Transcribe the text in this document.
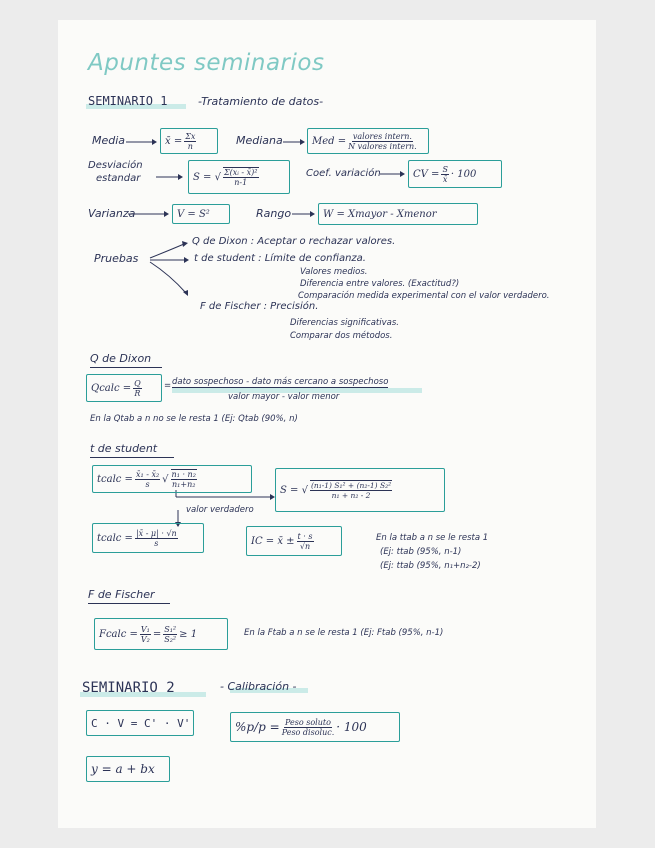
Apuntes seminarios
SEMINARIO 1	-Tratamiento de datos-
Media	x̄ = $\frac{\Sigma x}{n}$	Mediana	Med = $\frac{\text{valores intern.}}{\text{N valores intern.}}$
Desviación
estandar	S = √ $\frac{\text{Σ(xᵢ - x̄)²}}{n-1}$	Coef. variación	CV = $\frac{S}{x̄} \cdot 100$
Varianza	V = S²	Rango	W = Xmayor - Xmenor
Pruebas
Q de Dixon : Aceptar o rechazar valores.
t de student : Límite de confianza.
Valores medios.
Diferencia entre valores. (Exactitud?)
Comparación medida experimental con el valor verdadero.
F de Fischer : Precisión.
Diferencias significativas.
Comparar dos métodos.
Q de Dixon
Qcalc = $\frac{Q}{R}$	= dato sospechoso - dato más cercano a sospechoso
valor mayor - valor menor
En la Qtab a n no se le resta 1 (Ej: Qtab (90%, n)
t de student
tcalc = $\frac{\text{x̄₁ - x̄₂}}{s}$ √ $\frac{\text{n₁ · n₂}}{\text{n₁+n₂}}$
S = √ $\frac{\text{(n₁-1) S₁² + (n₂-1) S₂²}}{\text{n₁ + n₂ - 2}}$
valor verdadero
tcalc = $\frac{|x̄ - \mu| \cdot √n}{s}$	IC = x̄ ± $\frac{t \cdot s}{√n}$	En la ttab a n se le resta 1
(Ej: ttab (95%, n-1)
(Ej: ttab (95%, n₁+n₂-2)
F de Fischer
Fcalc = $\frac{\text{V₁}}{\text{V₂}} = \frac{\text{S₁²}}{\text{S₂²}} \ge 1$	En la Ftab a n se le resta 1 (Ej: Ftab (95%, n-1)
SEMINARIO 2	- Calibración -
C · V = C' · V'	$\%p/p = \frac{\text{Peso soluto}}{\text{Peso disoluc.}} \cdot 100$
y = a + bx
